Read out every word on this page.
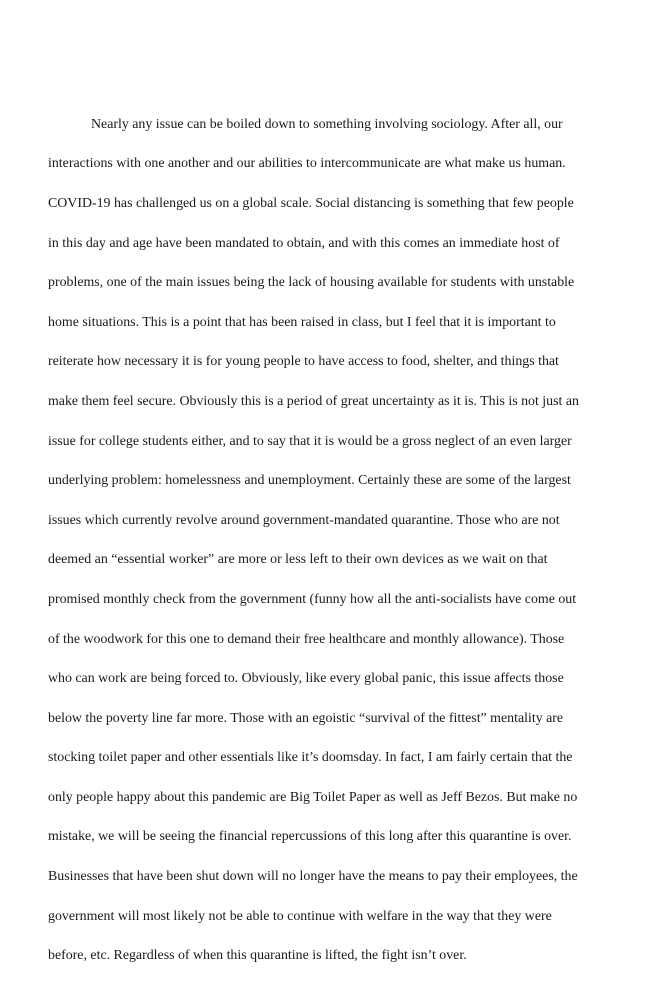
Nearly any issue can be boiled down to something involving sociology. After all, our

interactions with one another and our abilities to intercommunicate are what make us human.

COVID-19 has challenged us on a global scale. Social distancing is something that few people

in this day and age have been mandated to obtain, and with this comes an immediate host of

problems, one of the main issues being the lack of housing available for students with unstable

home situations. This is a point that has been raised in class, but I feel that it is important to

reiterate how necessary it is for young people to have access to food, shelter, and things that

make them feel secure. Obviously this is a period of great uncertainty as it is. This is not just an

issue for college students either, and to say that it is would be a gross neglect of an even larger

underlying problem: homelessness and unemployment. Certainly these are some of the largest

issues which currently revolve around government-mandated quarantine. Those who are not

deemed an “essential worker” are more or less left to their own devices as we wait on that

promised monthly check from the government (funny how all the anti-socialists have come out

of the woodwork for this one to demand their free healthcare and monthly allowance). Those

who can work are being forced to. Obviously, like every global panic, this issue affects those

below the poverty line far more. Those with an egoistic “survival of the fittest” mentality are

stocking toilet paper and other essentials like it’s doomsday. In fact, I am fairly certain that the

only people happy about this pandemic are Big Toilet Paper as well as Jeff Bezos. But make no

mistake, we will be seeing the financial repercussions of this long after this quarantine is over.

Businesses that have been shut down will no longer have the means to pay their employees, the

government will most likely not be able to continue with welfare in the way that they were

before, etc. Regardless of when this quarantine is lifted, the fight isn’t over.
